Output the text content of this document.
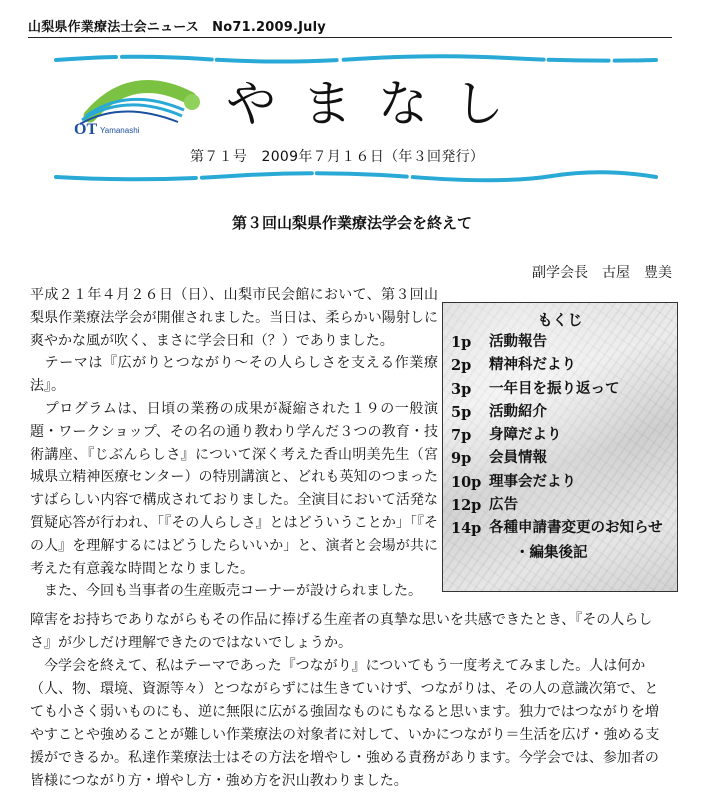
山梨県作業療法士会ニュース　No71.2009.July
OT Yamanashi やまなし
第７１号　2009年７月１６日（年３回発行）
第３回山梨県作業療法学会を終えて
副学会長　古屋　豊美

平成２１年４月２６日（日）、山梨市民会館において、第３回山梨県作業療法学会が開催されました。当日は、柔らかい陽射しに爽やかな風が吹く、まさに学会日和（？）でありました。

　テーマは『広がりとつながり～その人らしさを支える作業療法』。

　プログラムは、日頃の業務の成果が凝縮された１９の一般演題・ワークショップ、その名の通り教わり学んだ３つの教育・技術講座、『じぶんらしさ』について深く考えた香山明美先生（宮城県立精神医療センター）の特別講演と、どれも英知のつまったすばらしい内容で構成されておりました。全演目において活発な質疑応答が行われ、「『その人らしさ』とはどういうことか」「『その人』を理解するにはどうしたらいいか」と、演者と会場が共に考えた有意義な時間となりました。

　また、今回も当事者の生産販売コーナーが設けられました。

もくじ
1p	活動報告
2p	精神科だより
3p	一年目を振り返って
5p	活動紹介
7p	身障だより
9p	会員情報
10p 理事会だより
12p 広告
14p 各種申請書変更のお知らせ
・編集後記

障害をお持ちでありながらもその作品に捧げる生産者の真摯な思いを共感できたとき、『その人らしさ』が少しだけ理解できたのではないでしょうか。

　今学会を終えて、私はテーマであった『つながり』についてもう一度考えてみました。人は何か（人、物、環境、資源等々）とつながらずには生きていけず、つながりは、その人の意識次第で、とても小さく弱いものにも、逆に無限に広がる強固なものにもなると思います。独力ではつながりを増やすことや強めることが難しい作業療法の対象者に対して、いかにつながり＝生活を広げ・強める支援ができるか。私達作業療法士はその方法を増やし・強める責務があります。今学会では、参加者の皆様につながり方・増やし方・強め方を沢山教わりました。
